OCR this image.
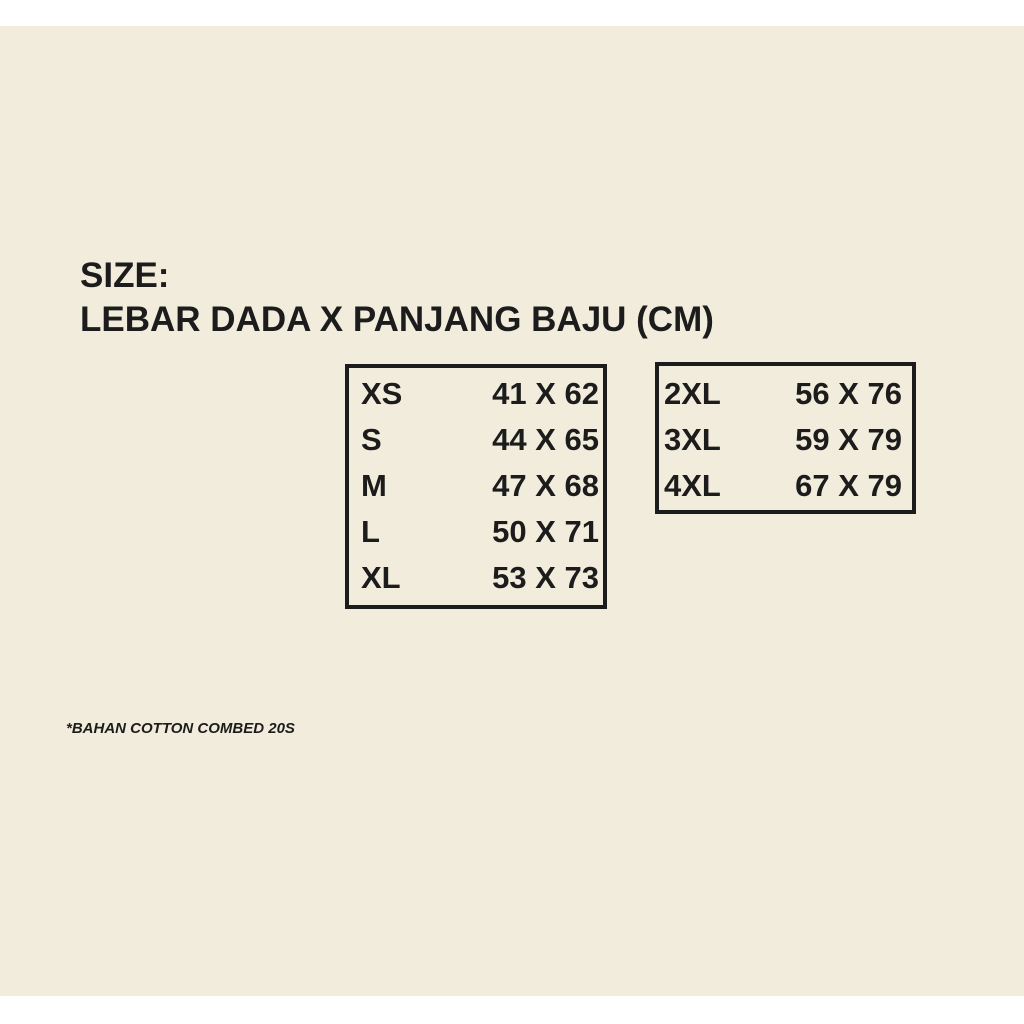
SIZE:
LEBAR DADA X PANJANG BAJU (CM)
XS	41 X 62
S	44 X 65
M	47 X 68
L	50 X 71
XL	53 X 73
2XL 56 X 76
3XL 59 X 79
4XL 67 X 79

*BAHAN COTTON COMBED 20S
